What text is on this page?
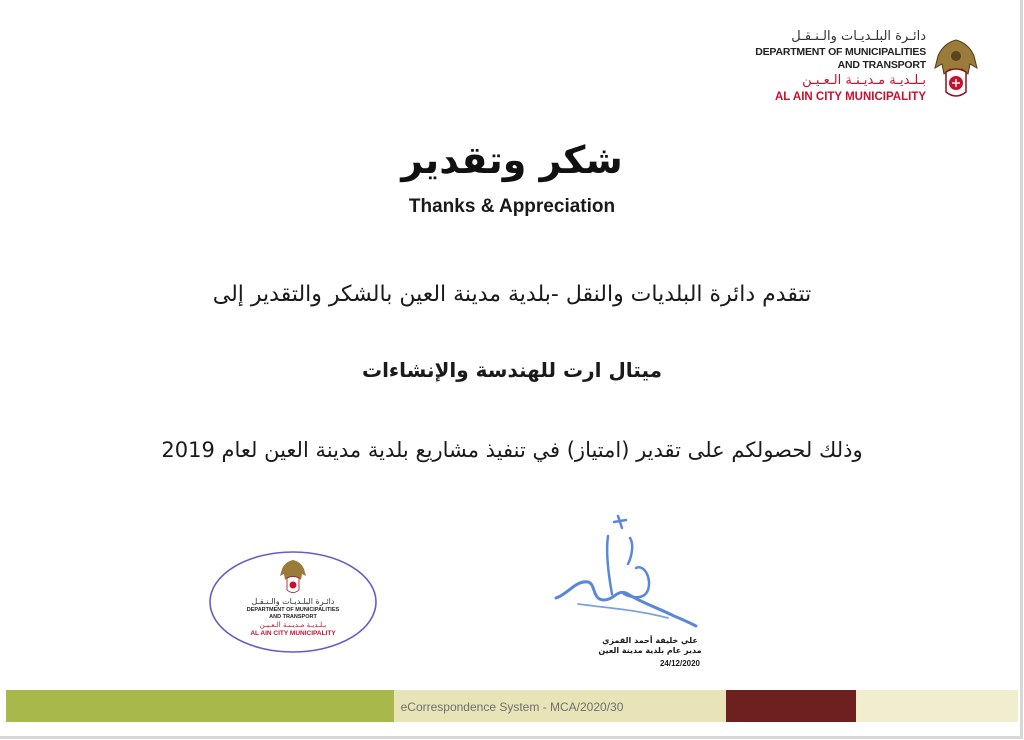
دائـرة البلـديـات والـنـقـل
DEPARTMENT OF MUNICIPALITIES
AND TRANSPORT
بـلـديـة مـديـنـة الـعـيـن
AL AIN CITY MUNICIPALITY
شكر وتقدير
Thanks & Appreciation
تتقدم دائرة البلديات والنقل -بلدية مدينة العين بالشكر والتقدير إلى
ميتال ارت للهندسة والإنشاءات
وذلك لحصولكم على تقدير (امتياز) في تنفيذ مشاريع بلدية مدينة العين لعام 2019
دائـرة البلـديـات والـنـقـل
DEPARTMENT OF MUNICIPALITIES
AND TRANSPORT
بـلـديـة مـديـنـة الـعـيـن
AL AIN CITY MUNICIPALITY
علي خليفة أحمد القمزي
مدير عام بلدية مدينة العين
24/12/2020
eCorrespondence System - MCA/2020/30
